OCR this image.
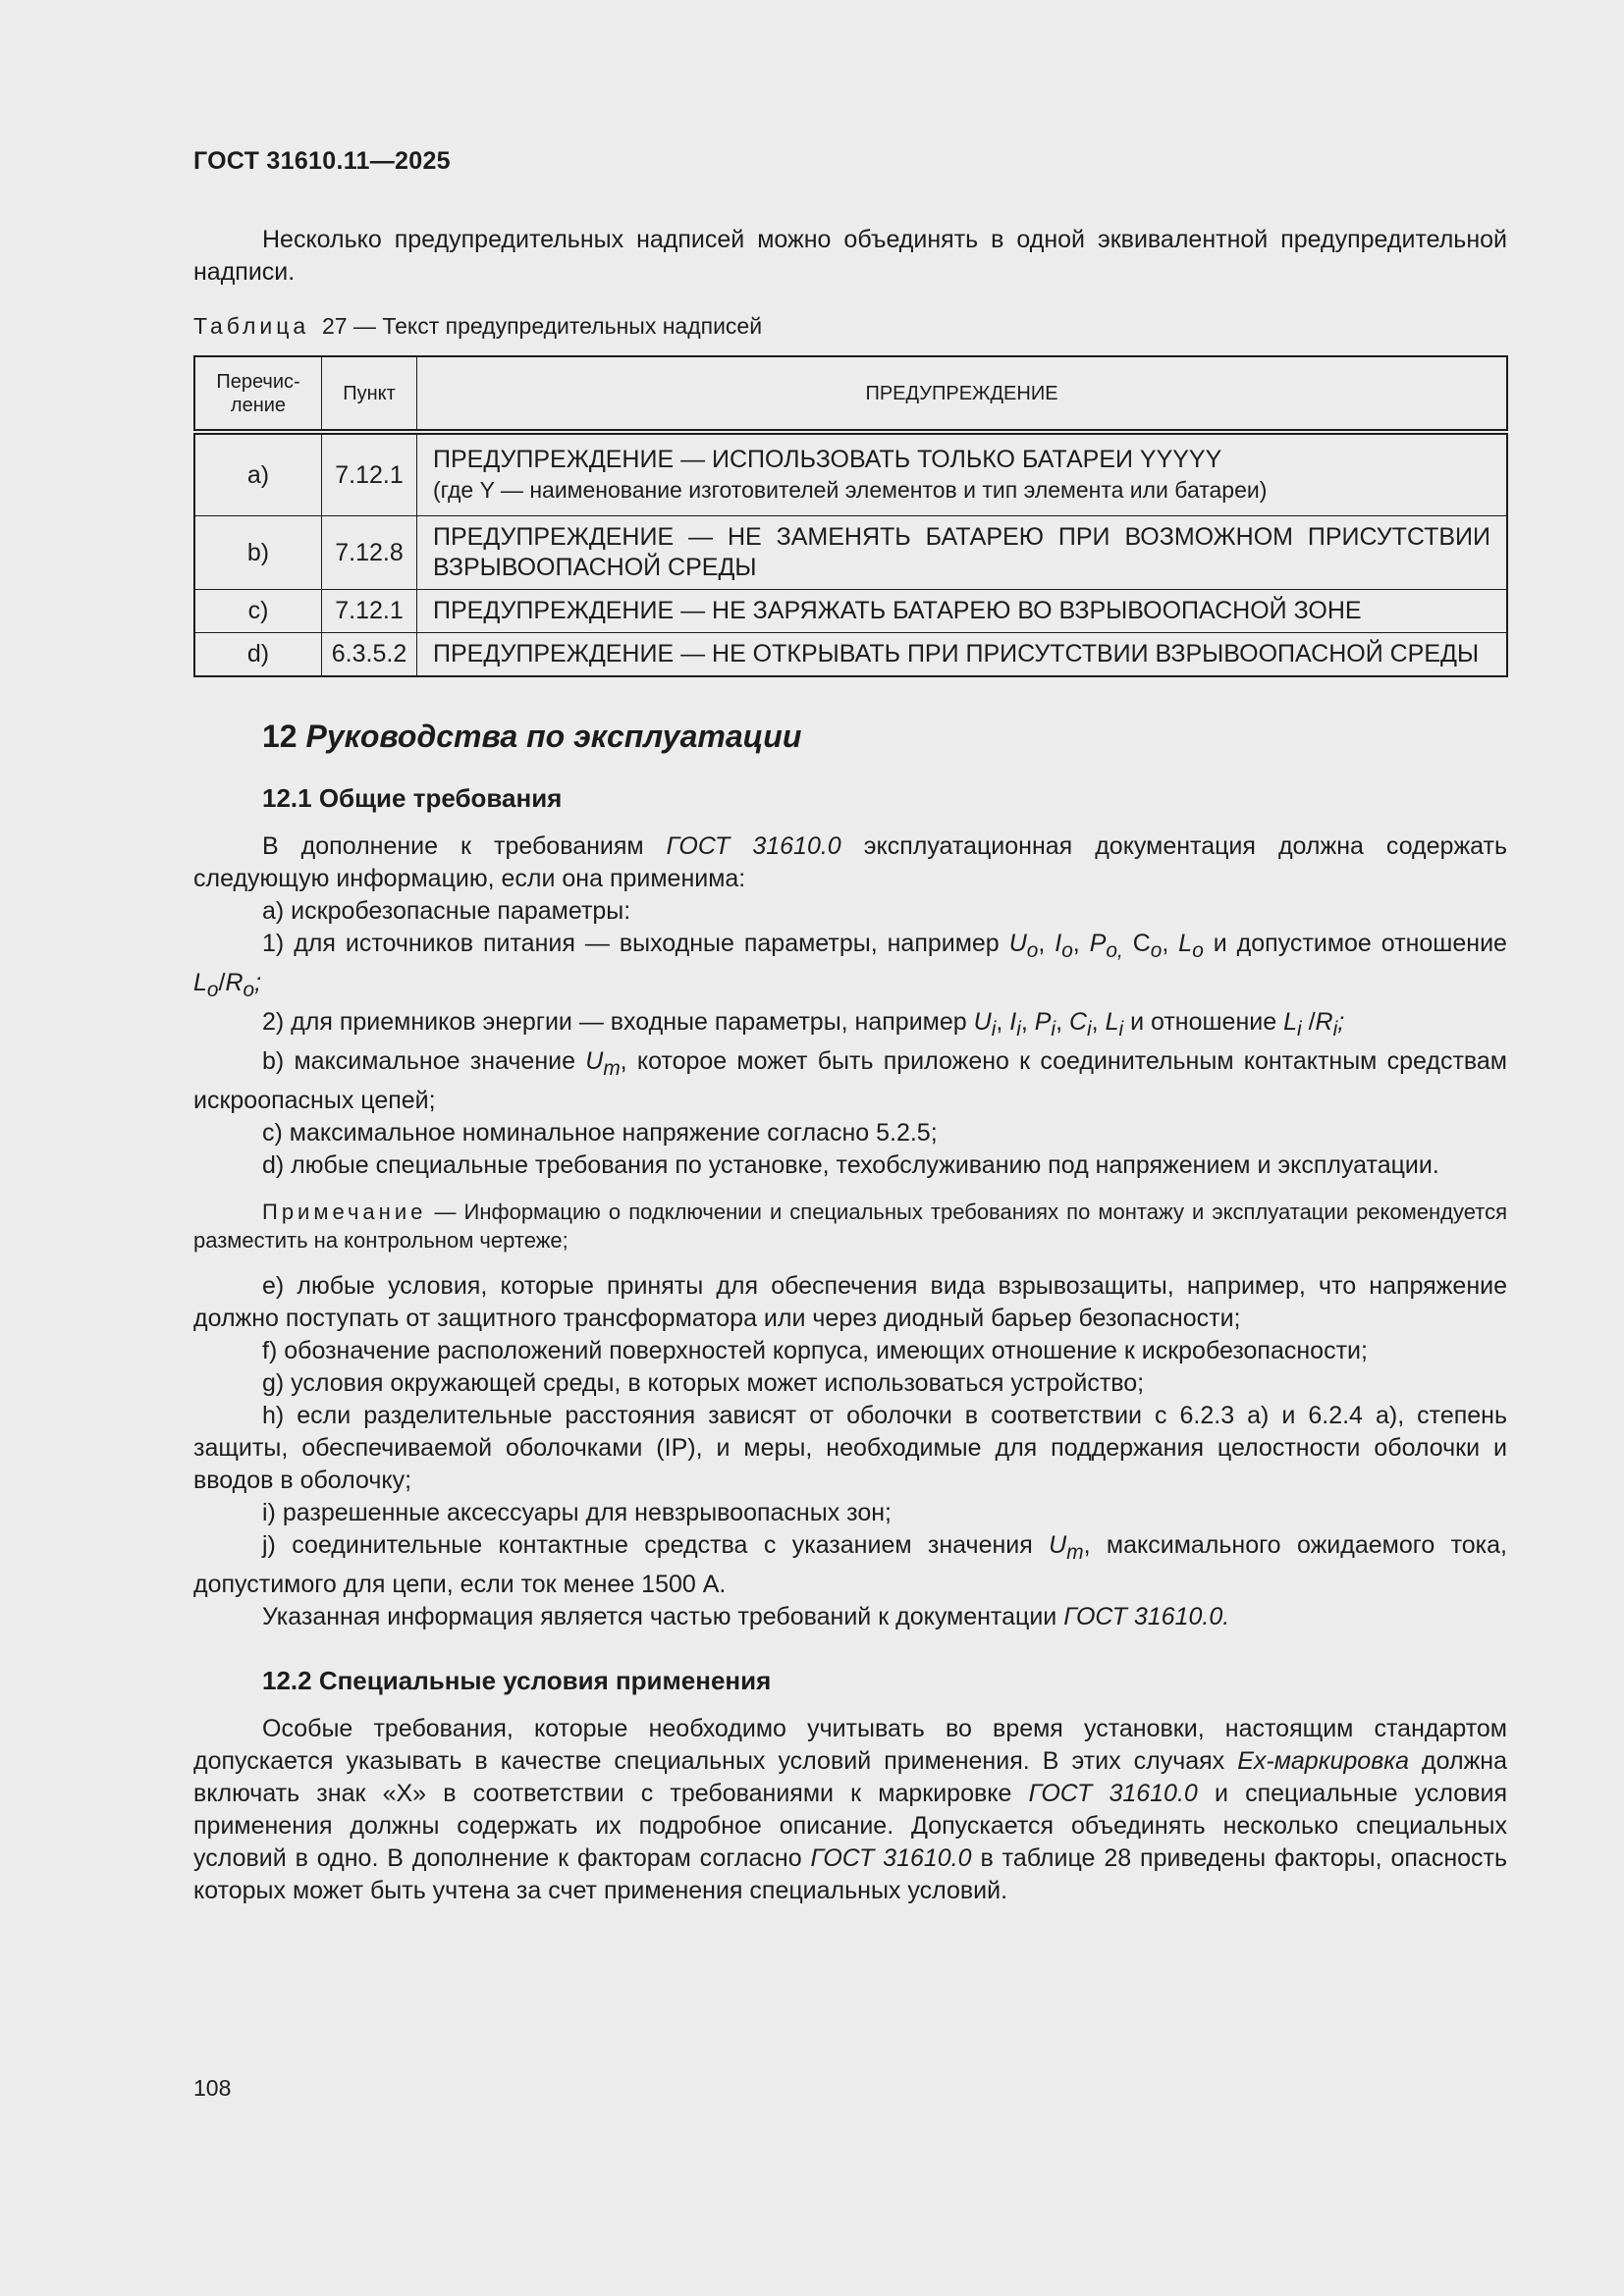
ГОСТ 31610.11—2025
Несколько предупредительных надписей можно объединять в одной эквивалентной предупредительной надписи.
Таблица 27 — Текст предупредительных надписей
Перечис-
ление	Пункт	ПРЕДУПРЕЖДЕНИЕ
a)	7.12.1	ПРЕДУПРЕЖДЕНИЕ — ИСПОЛЬЗОВАТЬ ТОЛЬКО БАТАРЕИ YYYYY
(где Y — наименование изготовителей элементов и тип элемента или батареи)

b)	7.12.8	ПРЕДУПРЕЖДЕНИЕ — НЕ ЗАМЕНЯТЬ БАТАРЕЮ ПРИ ВОЗМОЖНОМ ПРИСУТСТВИИ ВЗРЫВООПАСНОЙ СРЕДЫ
c)	7.12.1	ПРЕДУПРЕЖДЕНИЕ — НЕ ЗАРЯЖАТЬ БАТАРЕЮ ВО ВЗРЫВООПАСНОЙ ЗОНЕ
d)	6.3.5.2	ПРЕДУПРЕЖДЕНИЕ — НЕ ОТКРЫВАТЬ ПРИ ПРИСУТСТВИИ ВЗРЫВООПАСНОЙ СРЕДЫ
12 Руководства по эксплуатации
12.1 Общие требования

В дополнение к требованиям ГОСТ 31610.0 эксплуатационная документация должна содержать следующую информацию, если она применима:

a) искробезопасные параметры:

1) для источников питания — выходные параметры, например $U_o$, $I_o$, $P_{o,}$ $C_o$, $L_o$ и допустимое отношение $L_o/R_o$;

2) для приемников энергии — входные параметры, например $U_i$, $I_i$, $P_i$, $C_i$, $L_i$ и отношение $L_i$ $/R_i$;

b) максимальное значение $U_m$, которое может быть приложено к соединительным контактным средствам искроопасных цепей;

c) максимальное номинальное напряжение согласно 5.2.5;

d) любые специальные требования по установке, техобслуживанию под напряжением и эксплуатации.

Примечание — Информацию о подключении и специальных требованиях по монтажу и эксплуатации рекомендуется разместить на контрольном чертеже;

e) любые условия, которые приняты для обеспечения вида взрывозащиты, например, что напряжение должно поступать от защитного трансформатора или через диодный барьер безопасности;

f) обозначение расположений поверхностей корпуса, имеющих отношение к искробезопасности;

g) условия окружающей среды, в которых может использоваться устройство;

h) если разделительные расстояния зависят от оболочки в соответствии с 6.2.3 а) и 6.2.4 а), степень защиты, обеспечиваемой оболочками (IP), и меры, необходимые для поддержания целостности оболочки и вводов в оболочку;

i) разрешенные аксессуары для невзрывоопасных зон;

j) соединительные контактные средства с указанием значения $U_m$, максимального ожидаемого тока, допустимого для цепи, если ток менее 1500 А.

Указанная информация является частью требований к документации ГОСТ 31610.0.

12.2 Специальные условия применения

Особые требования, которые необходимо учитывать во время установки, настоящим стандартом допускается указывать в качестве специальных условий применения. В этих случаях Ex-маркировка должна включать знак «Х» в соответствии с требованиями к маркировке ГОСТ 31610.0 и специальные условия применения должны содержать их подробное описание. Допускается объединять несколько специальных условий в одно. В дополнение к факторам согласно ГОСТ 31610.0 в таблице 28 приведены факторы, опасность которых может быть учтена за счет применения специальных условий.

108
